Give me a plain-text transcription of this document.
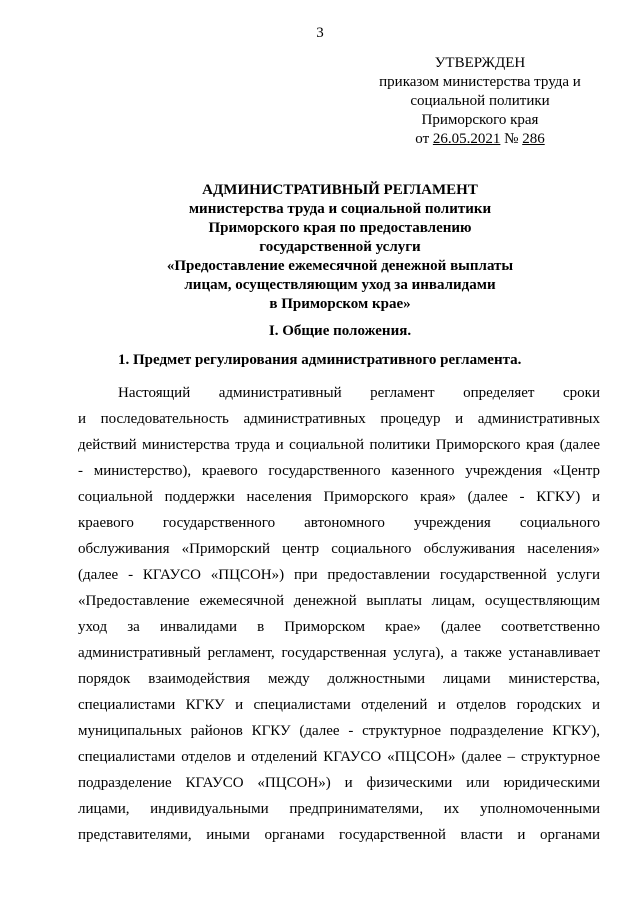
3
УТВЕРЖДЕН
приказом министерства труда и
социальной политики
Приморского края
от 26.05.2021 № 286
АДМИНИСТРАТИВНЫЙ РЕГЛАМЕНТ
министерства труда и социальной политики
Приморского края по предоставлению
государственной услуги
«Предоставление ежемесячной денежной выплаты
лицам, осуществляющим уход за инвалидами
в Приморском крае»
I. Общие положения.
1. Предмет регулирования административного регламента.
Настоящий административный регламент определяет сроки
и последовательность административных процедур и административных
действий министерства труда и социальной политики Приморского края (далее
- министерство), краевого государственного казенного учреждения «Центр
социальной поддержки населения Приморского края» (далее - КГКУ) и
краевого государственного автономного учреждения социального
обслуживания «Приморский центр социального обслуживания населения»
(далее - КГАУСО «ПЦСОН») при предоставлении государственной услуги
«Предоставление ежемесячной денежной выплаты лицам, осуществляющим
уход за инвалидами в Приморском крае» (далее соответственно
административный регламент, государственная услуга), а также устанавливает
порядок взаимодействия между должностными лицами министерства,
специалистами КГКУ и специалистами отделений и отделов городских и
муниципальных районов КГКУ (далее - структурное подразделение КГКУ),
специалистами отделов и отделений КГАУСО «ПЦСОН» (далее – структурное
подразделение КГАУСО «ПЦСОН») и физическими или юридическими
лицами, индивидуальными предпринимателями, их уполномоченными
представителями, иными органами государственной власти и органами
